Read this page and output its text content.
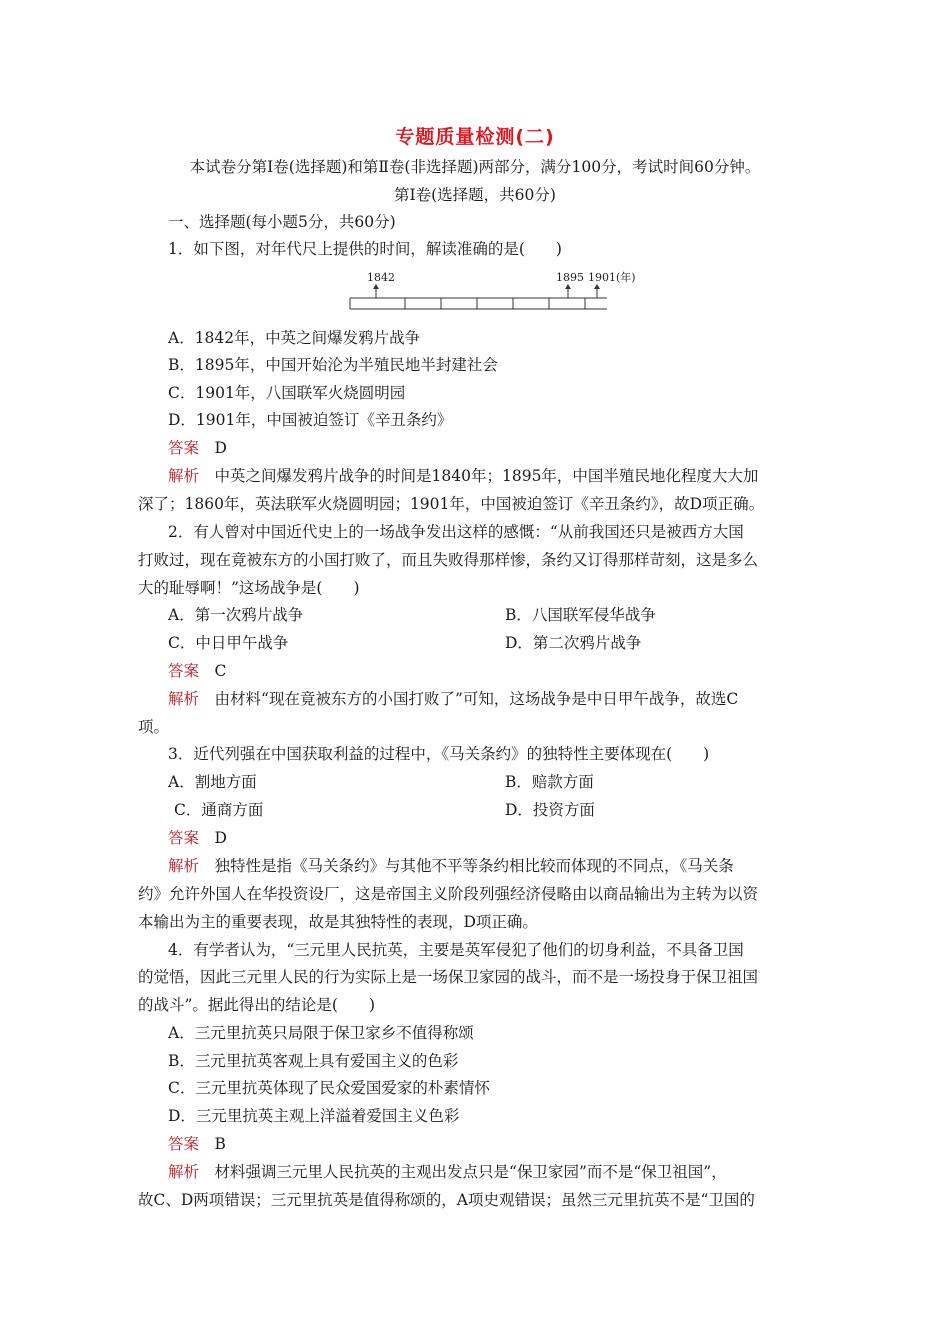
专题质量检测(二)
本试卷分第Ⅰ卷(选择题)和第Ⅱ卷(非选择题)两部分，满分100分，考试时间60分钟。
第Ⅰ卷(选择题，共60分)
一、选择题(每小题5分，共60分)
1．如下图，对年代尺上提供的时间，解读准确的是(　　)
1842	1895 1901(年)
A．1842年，中英之间爆发鸦片战争
B．1895年，中国开始沦为半殖民地半封建社会
C．1901年，八国联军火烧圆明园
D．1901年，中国被迫签订《辛丑条约》
答案　 D
解析　 中英之间爆发鸦片战争的时间是1840年；1895年，中国半殖民地化程度大大加
深了；1860年，英法联军火烧圆明园；1901年，中国被迫签订《辛丑条约》，故D项正确。
2．有人曾对中国近代史上的一场战争发出这样的感慨：“从前我国还只是被西方大国
打败过，现在竟被东方的小国打败了，而且失败得那样惨，条约又订得那样苛刻，这是多么
大的耻辱啊！”这场战争是(　　)
A．第一次鸦片战争	B．八国联军侵华战争
C．中日甲午战争	D．第二次鸦片战争
答案　 C
解析　 由材料“现在竟被东方的小国打败了”可知，这场战争是中日甲午战争，故选C
项。
3．近代列强在中国获取利益的过程中，《马关条约》的独特性主要体现在(　　)
A．割地方面	B．赔款方面
C．通商方面	D．投资方面
答案　 D
解析　 独特性是指《马关条约》与其他不平等条约相比较而体现的不同点，《马关条
约》允许外国人在华投资设厂，这是帝国主义阶段列强经济侵略由以商品输出为主转为以资
本输出为主的重要表现，故是其独特性的表现，D项正确。
4．有学者认为，“三元里人民抗英，主要是英军侵犯了他们的切身利益，不具备卫国
的觉悟，因此三元里人民的行为实际上是一场保卫家园的战斗，而不是一场投身于保卫祖国
的战斗”。据此得出的结论是(　　)
A．三元里抗英只局限于保卫家乡不值得称颂
B．三元里抗英客观上具有爱国主义的色彩
C．三元里抗英体现了民众爱国爱家的朴素情怀
D．三元里抗英主观上洋溢着爱国主义色彩
答案　 B
解析　 材料强调三元里人民抗英的主观出发点只是“保卫家园”而不是“保卫祖国”，
故C、D两项错误；三元里抗英是值得称颂的，A项史观错误；虽然三元里抗英不是“卫国的
